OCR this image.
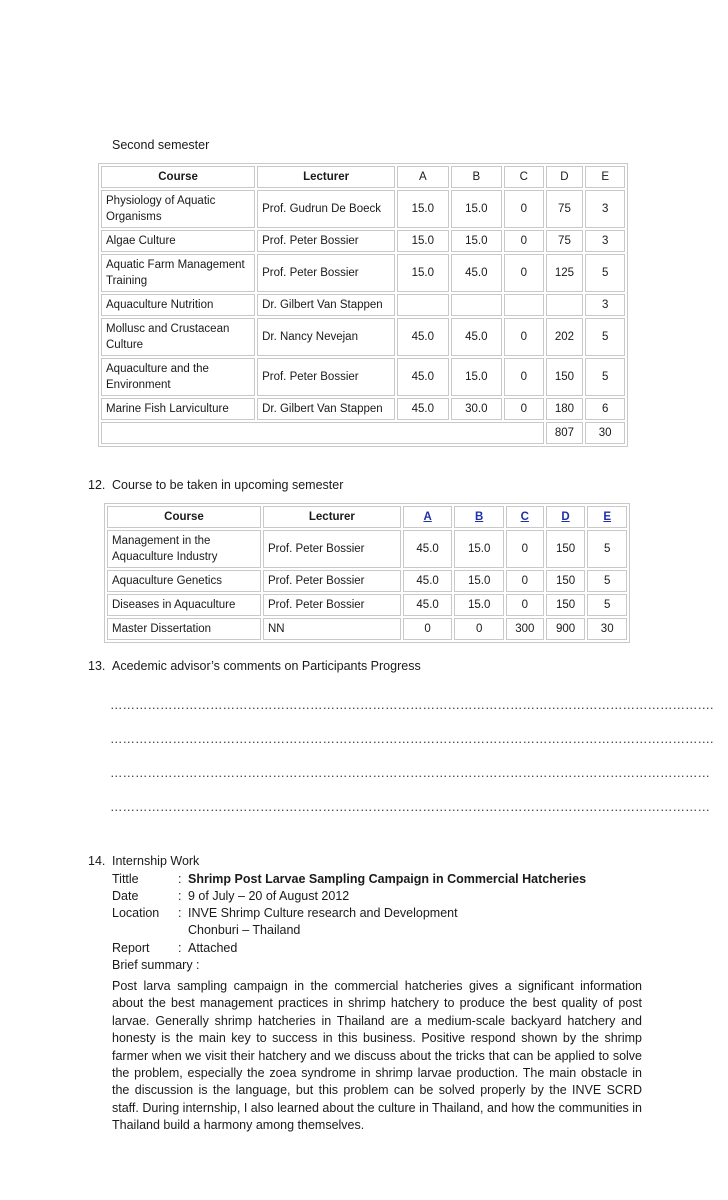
Second semester
Course	Lecturer	A	B	C	D	E
Physiology of Aquatic Organisms	Prof. Gudrun De Boeck	15.0	15.0	0	75	3
Algae Culture	Prof. Peter Bossier	15.0	15.0	0	75	3
Aquatic Farm Management Training	Prof. Peter Bossier	15.0	45.0	0	125	5
Aquaculture Nutrition	Dr. Gilbert Van Stappen					3
Mollusc and Crustacean Culture	Dr. Nancy Nevejan	45.0	45.0	0	202	5
Aquaculture and the Environment	Prof. Peter Bossier	45.0	15.0	0	150	5
Marine Fish Larviculture	Dr. Gilbert Van Stappen	45.0	30.0	0	180	6
					807	30
12. Course to be taken in upcoming semester
Course	Lecturer	A	B	C	D	E
Management in the Aquaculture Industry	Prof. Peter Bossier	45.0	15.0	0	150	5
Aquaculture Genetics	Prof. Peter Bossier	45.0	15.0	0	150	5
Diseases in Aquaculture	Prof. Peter Bossier	45.0	15.0	0	150	5
Master Dissertation	NN	0	0	300	900	30
13. Acedemic advisor’s comments on Participants Progress
……………………………………………………………………………………………………………………………….
……………………………………………………………………………………………………………………………….
………………………………………………………………………………………………………………………………
………………………………………………………………………………………………………………………………
14. Internship Work
Tittle	: Shrimp Post Larvae Sampling Campaign in Commercial Hatcheries
Date	: 9 of July – 20 of August 2012
Location : INVE Shrimp Culture research and Development
Chonburi – Thailand
Report : Attached
Brief summary :
Post larva sampling campaign in the commercial hatcheries gives a significant information about the best management practices in shrimp hatchery to produce the best quality of post larvae. Generally shrimp hatcheries in Thailand are a medium-scale backyard hatchery and honesty is the main key to success in this business. Positive respond shown by the shrimp farmer when we visit their hatchery and we discuss about the tricks that can be applied to solve the problem, especially the zoea syndrome in shrimp larvae production. The main obstacle in the discussion is the language, but this problem can be solved properly by the INVE SCRD staff. During internship, I also learned about the culture in Thailand, and how the communities in Thailand build a harmony among themselves.
